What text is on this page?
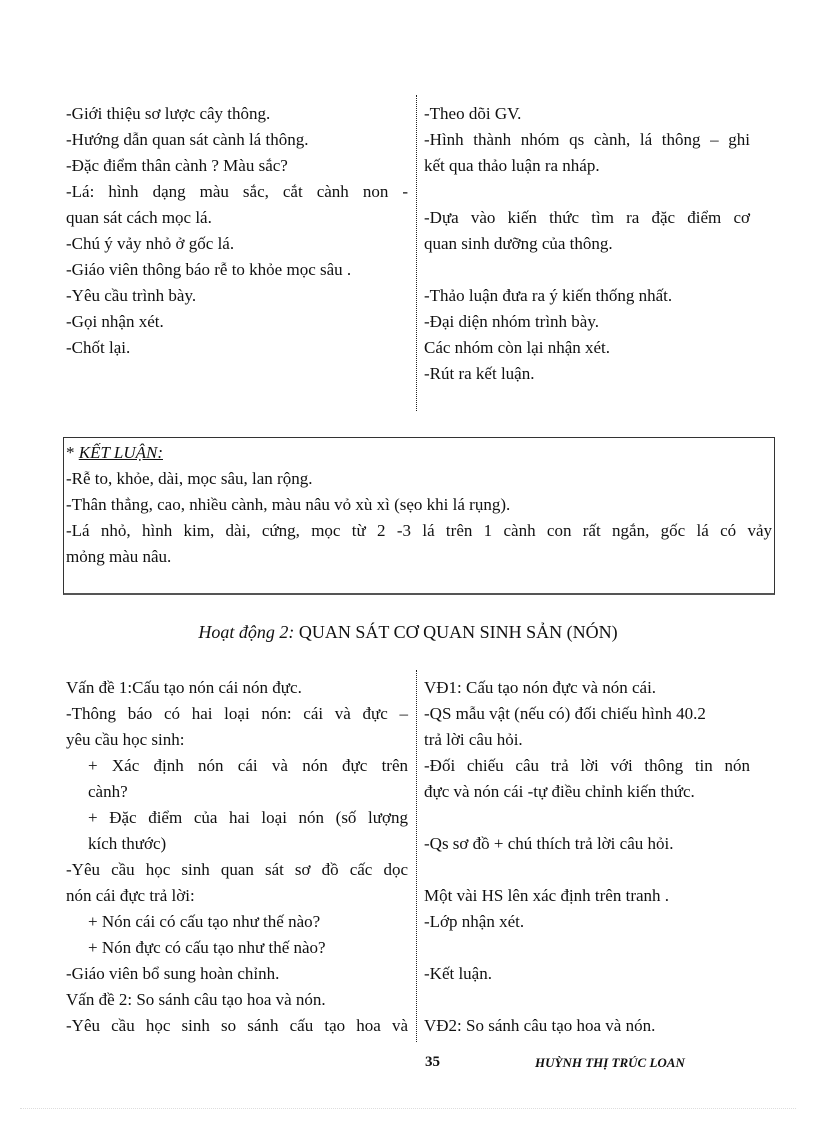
-Giới thiệu sơ lược cây thông.
-Hướng dẫn quan sát cành lá thông.
-Đặc điểm thân cành ? Màu sắc?
-Lá: hình dạng màu sắc, cắt cành non -
quan sát cách mọc lá.
-Chú ý vảy nhỏ ở gốc lá.
-Giáo viên thông báo rễ to khỏe mọc sâu .
-Yêu cầu trình bày.
-Gọi nhận xét.
-Chốt lại.
-Theo dõi GV.
-Hình thành nhóm qs cành, lá thông – ghi
kết qua thảo luận ra nháp.
-Dựa vào kiến thức tìm ra đặc điểm cơ
quan sinh dưỡng của thông.
-Thảo luận đưa ra ý kiến thống nhất.
-Đại diện nhóm trình bày.
Các nhóm còn lại nhận xét.
-Rút ra kết luận.
* KẾT LUẬN:
-Rễ to, khỏe, dài, mọc sâu, lan rộng.
-Thân thẳng, cao, nhiều cành, màu nâu vỏ xù xì (sẹo khi lá rụng).
-Lá nhỏ, hình kim, dài, cứng, mọc từ 2 -3 lá trên 1 cành con rất ngắn, gốc lá có vảy
mỏng màu nâu.
Hoạt động 2: QUAN SÁT CƠ QUAN SINH SẢN (NÓN)
Vấn đề 1:Cấu tạo nón cái nón đực.
-Thông báo có hai loại nón: cái và đực –
yêu cầu học sinh:
+ Xác định nón cái và nón đực trên
cành?
+ Đặc điểm của hai loại nón (số lượng
kích thước)
-Yêu cầu học sinh quan sát sơ đồ cấc dọc
nón cái đực trả lời:
+ Nón cái có cấu tạo như thế nào?
+ Nón đực có cấu tạo như thế nào?
-Giáo viên bổ sung hoàn chỉnh.
Vấn đề 2: So sánh câu tạo hoa và nón.
-Yêu cầu học sinh so sánh cấu tạo hoa và
VĐ1: Cấu tạo nón đực và nón cái.
-QS mẫu vật (nếu có) đối chiếu hình 40.2
trả lời câu hỏi.
-Đối chiếu câu trả lời với thông tin nón
đực và nón cái -tự điều chỉnh kiến thức.
-Qs sơ đồ + chú thích trả lời câu hỏi.
Một vài HS lên xác định trên tranh .
-Lớp nhận xét.
-Kết luận.
VĐ2: So sánh câu tạo hoa và nón.
35	HUỲNH THỊ TRÚC LOAN
